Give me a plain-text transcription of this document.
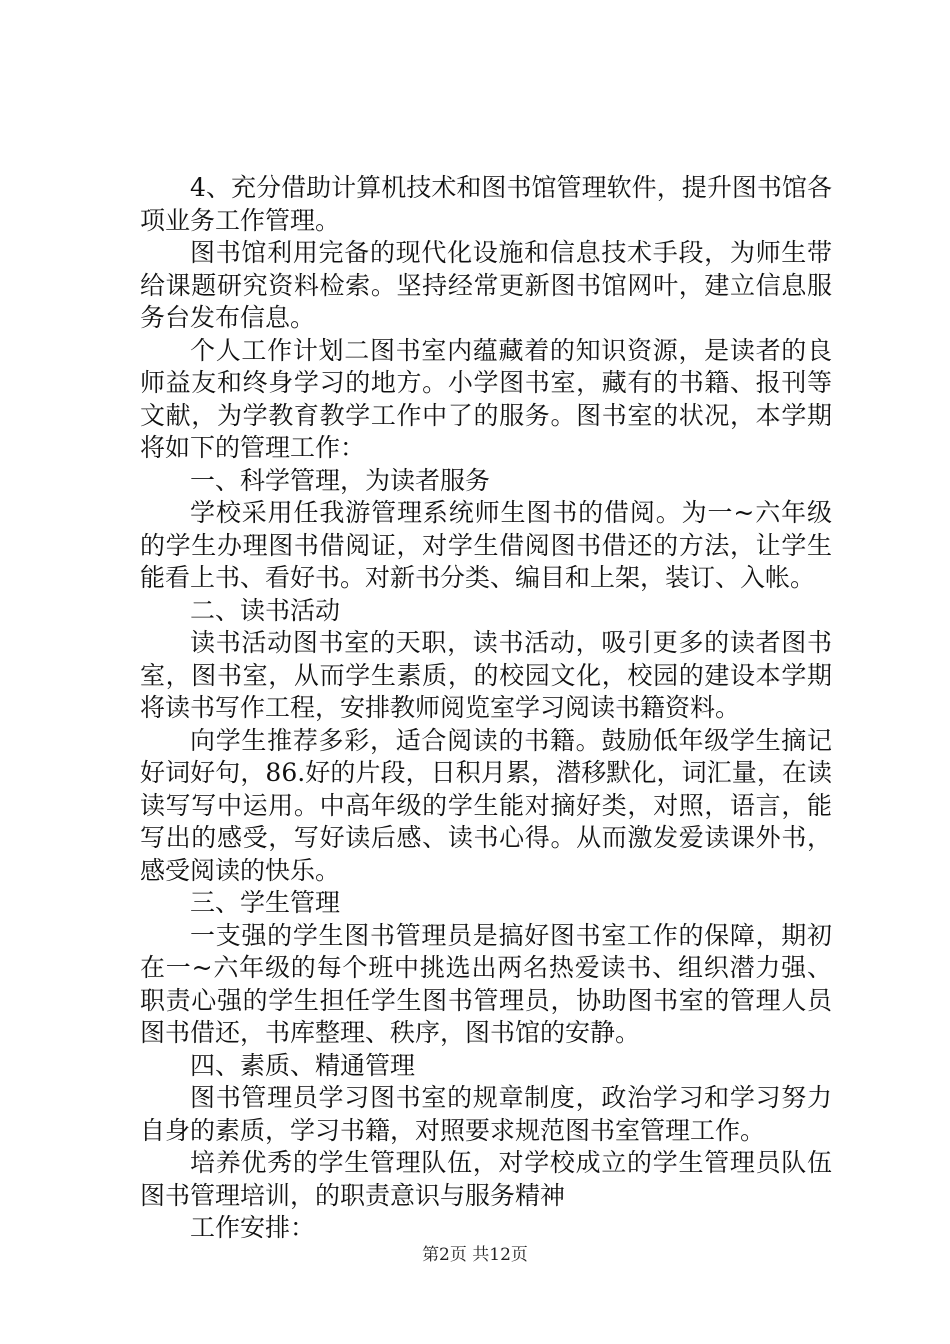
4、充分借助计算机技术和图书馆管理软件，提升图书馆各项业务工作管理。

图书馆利用完备的现代化设施和信息技术手段，为师生带给课题研究资料检索。坚持经常更新图书馆网叶，建立信息服务台发布信息。

个人工作计划二图书室内蕴藏着的知识资源，是读者的良师益友和终身学习的地方。小学图书室，藏有的书籍、报刊等文献，为学教育教学工作中了的服务。图书室的状况，本学期将如下的管理工作：

一、科学管理，为读者服务

学校采用任我游管理系统师生图书的借阅。为一~六年级的学生办理图书借阅证，对学生借阅图书借还的方法，让学生能看上书、看好书。对新书分类、编目和上架，装订、入帐。

二、读书活动

读书活动图书室的天职，读书活动，吸引更多的读者图书室，图书室，从而学生素质，的校园文化，校园的建设本学期将读书写作工程，安排教师阅览室学习阅读书籍资料。

向学生推荐多彩，适合阅读的书籍。鼓励低年级学生摘记好词好句，86.好的片段，日积月累，潜移默化，词汇量，在读读写写中运用。中高年级的学生能对摘好类，对照，语言，能写出的感受，写好读后感、读书心得。从而激发爱读课外书，感受阅读的快乐。

三、学生管理

一支强的学生图书管理员是搞好图书室工作的保障，期初在一~六年级的每个班中挑选出两名热爱读书、组织潜力强、职责心强的学生担任学生图书管理员，协助图书室的管理人员图书借还，书库整理、秩序，图书馆的安静。

四、素质、精通管理

图书管理员学习图书室的规章制度，政治学习和学习努力自身的素质，学习书籍，对照要求规范图书室管理工作。

培养优秀的学生管理队伍，对学校成立的学生管理员队伍图书管理培训，的职责意识与服务精神

工作安排：

第2页 共12页
